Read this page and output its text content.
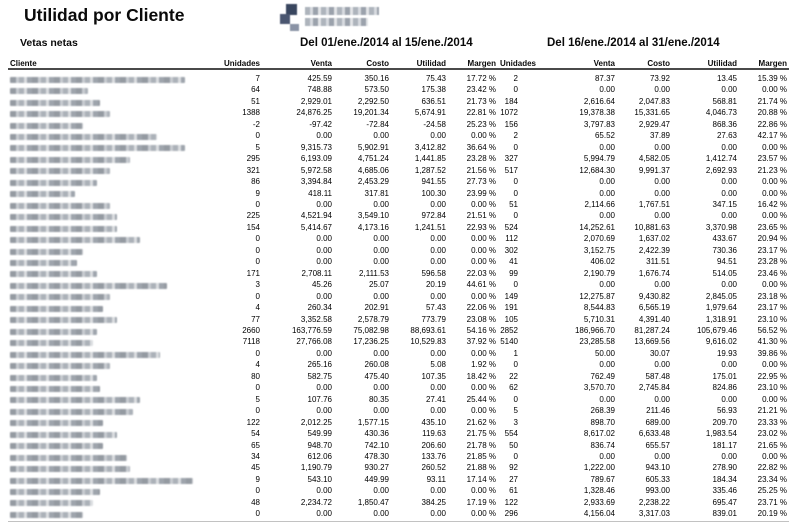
Utilidad por Cliente
Vetas netas	Del 01/ene./2014 al 15/ene./2014	Del 16/ene./2014 al 31/ene./2014
Cliente	Unidades	Venta	Costo	Utilidad	Margen	Unidades	Venta	Costo	Utilidad	Margen

	7	425.59	350.16	75.43	17.72 %	2	87.37	73.92	13.45	15.39 %

	64	748.88	573.50	175.38	23.42 %	0	0.00	0.00	0.00	0.00 %

	51	2,929.01	2,292.50	636.51	21.73 %	184	2,616.64	2,047.83	568.81	21.74 %

	1388	24,876.25	19,201.34	5,674.91	22.81 %	1072	19,378.38	15,331.65	4,046.73	20.88 %

	-2	-97.42	-72.84	-24.58	25.23 %	156	3,797.83	2,929.47	868.36	22.86 %

	0	0.00	0.00	0.00	0.00 %	2	65.52	37.89	27.63	42.17 %

	5	9,315.73	5,902.91	3,412.82	36.64 %	0	0.00	0.00	0.00	0.00 %

	295	6,193.09	4,751.24	1,441.85	23.28 %	327	5,994.79	4,582.05	1,412.74	23.57 %

	321	5,972.58	4,685.06	1,287.52	21.56 %	517	12,684.30	9,991.37	2,692.93	21.23 %

	86	3,394.84	2,453.29	941.55	27.73 %	0	0.00	0.00	0.00	0.00 %

	9	418.11	317.81	100.30	23.99 %	0	0.00	0.00	0.00	0.00 %

	0	0.00	0.00	0.00	0.00 %	51	2,114.66	1,767.51	347.15	16.42 %

	225	4,521.94	3,549.10	972.84	21.51 %	0	0.00	0.00	0.00	0.00 %

	154	5,414.67	4,173.16	1,241.51	22.93 %	524	14,252.61	10,881.63	3,370.98	23.65 %

	0	0.00	0.00	0.00	0.00 %	112	2,070.69	1,637.02	433.67	20.94 %

	0	0.00	0.00	0.00	0.00 %	302	3,152.75	2,422.39	730.36	23.17 %

	0	0.00	0.00	0.00	0.00 %	41	406.02	311.51	94.51	23.28 %

	171	2,708.11	2,111.53	596.58	22.03 %	99	2,190.79	1,676.74	514.05	23.46 %

	3	45.26	25.07	20.19	44.61 %	0	0.00	0.00	0.00	0.00 %

	0	0.00	0.00	0.00	0.00 %	149	12,275.87	9,430.82	2,845.05	23.18 %

	4	260.34	202.91	57.43	22.06 %	191	8,544.83	6,565.19	1,979.64	23.17 %

	77	3,352.58	2,578.79	773.79	23.08 %	105	5,710.31	4,391.40	1,318.91	23.10 %

	2660	163,776.59	75,082.98	88,693.61	54.16 %	2852	186,966.70	81,287.24	105,679.46	56.52 %

	7118	27,766.08	17,236.25	10,529.83	37.92 %	5140	23,285.58	13,669.56	9,616.02	41.30 %

	0	0.00	0.00	0.00	0.00 %	1	50.00	30.07	19.93	39.86 %

	4	265.16	260.08	5.08	1.92 %	0	0.00	0.00	0.00	0.00 %

	80	582.75	475.40	107.35	18.42 %	22	762.49	587.48	175.01	22.95 %

	0	0.00	0.00	0.00	0.00 %	62	3,570.70	2,745.84	824.86	23.10 %

	5	107.76	80.35	27.41	25.44 %	0	0.00	0.00	0.00	0.00 %

	0	0.00	0.00	0.00	0.00 %	5	268.39	211.46	56.93	21.21 %

	122	2,012.25	1,577.15	435.10	21.62 %	3	898.70	689.00	209.70	23.33 %

	54	549.99	430.36	119.63	21.75 %	554	8,617.02	6,633.48	1,983.54	23.02 %

	65	948.70	742.10	206.60	21.78 %	50	836.74	655.57	181.17	21.65 %

	34	612.06	478.30	133.76	21.85 %	0	0.00	0.00	0.00	0.00 %

	45	1,190.79	930.27	260.52	21.88 %	92	1,222.00	943.10	278.90	22.82 %

	9	543.10	449.99	93.11	17.14 %	27	789.67	605.33	184.34	23.34 %

	0	0.00	0.00	0.00	0.00 %	61	1,328.46	993.00	335.46	25.25 %

	48	2,234.72	1,850.47	384.25	17.19 %	122	2,933.69	2,238.22	695.47	23.71 %

	0	0.00	0.00	0.00	0.00 %	296	4,156.04	3,317.03	839.01	20.19 %
